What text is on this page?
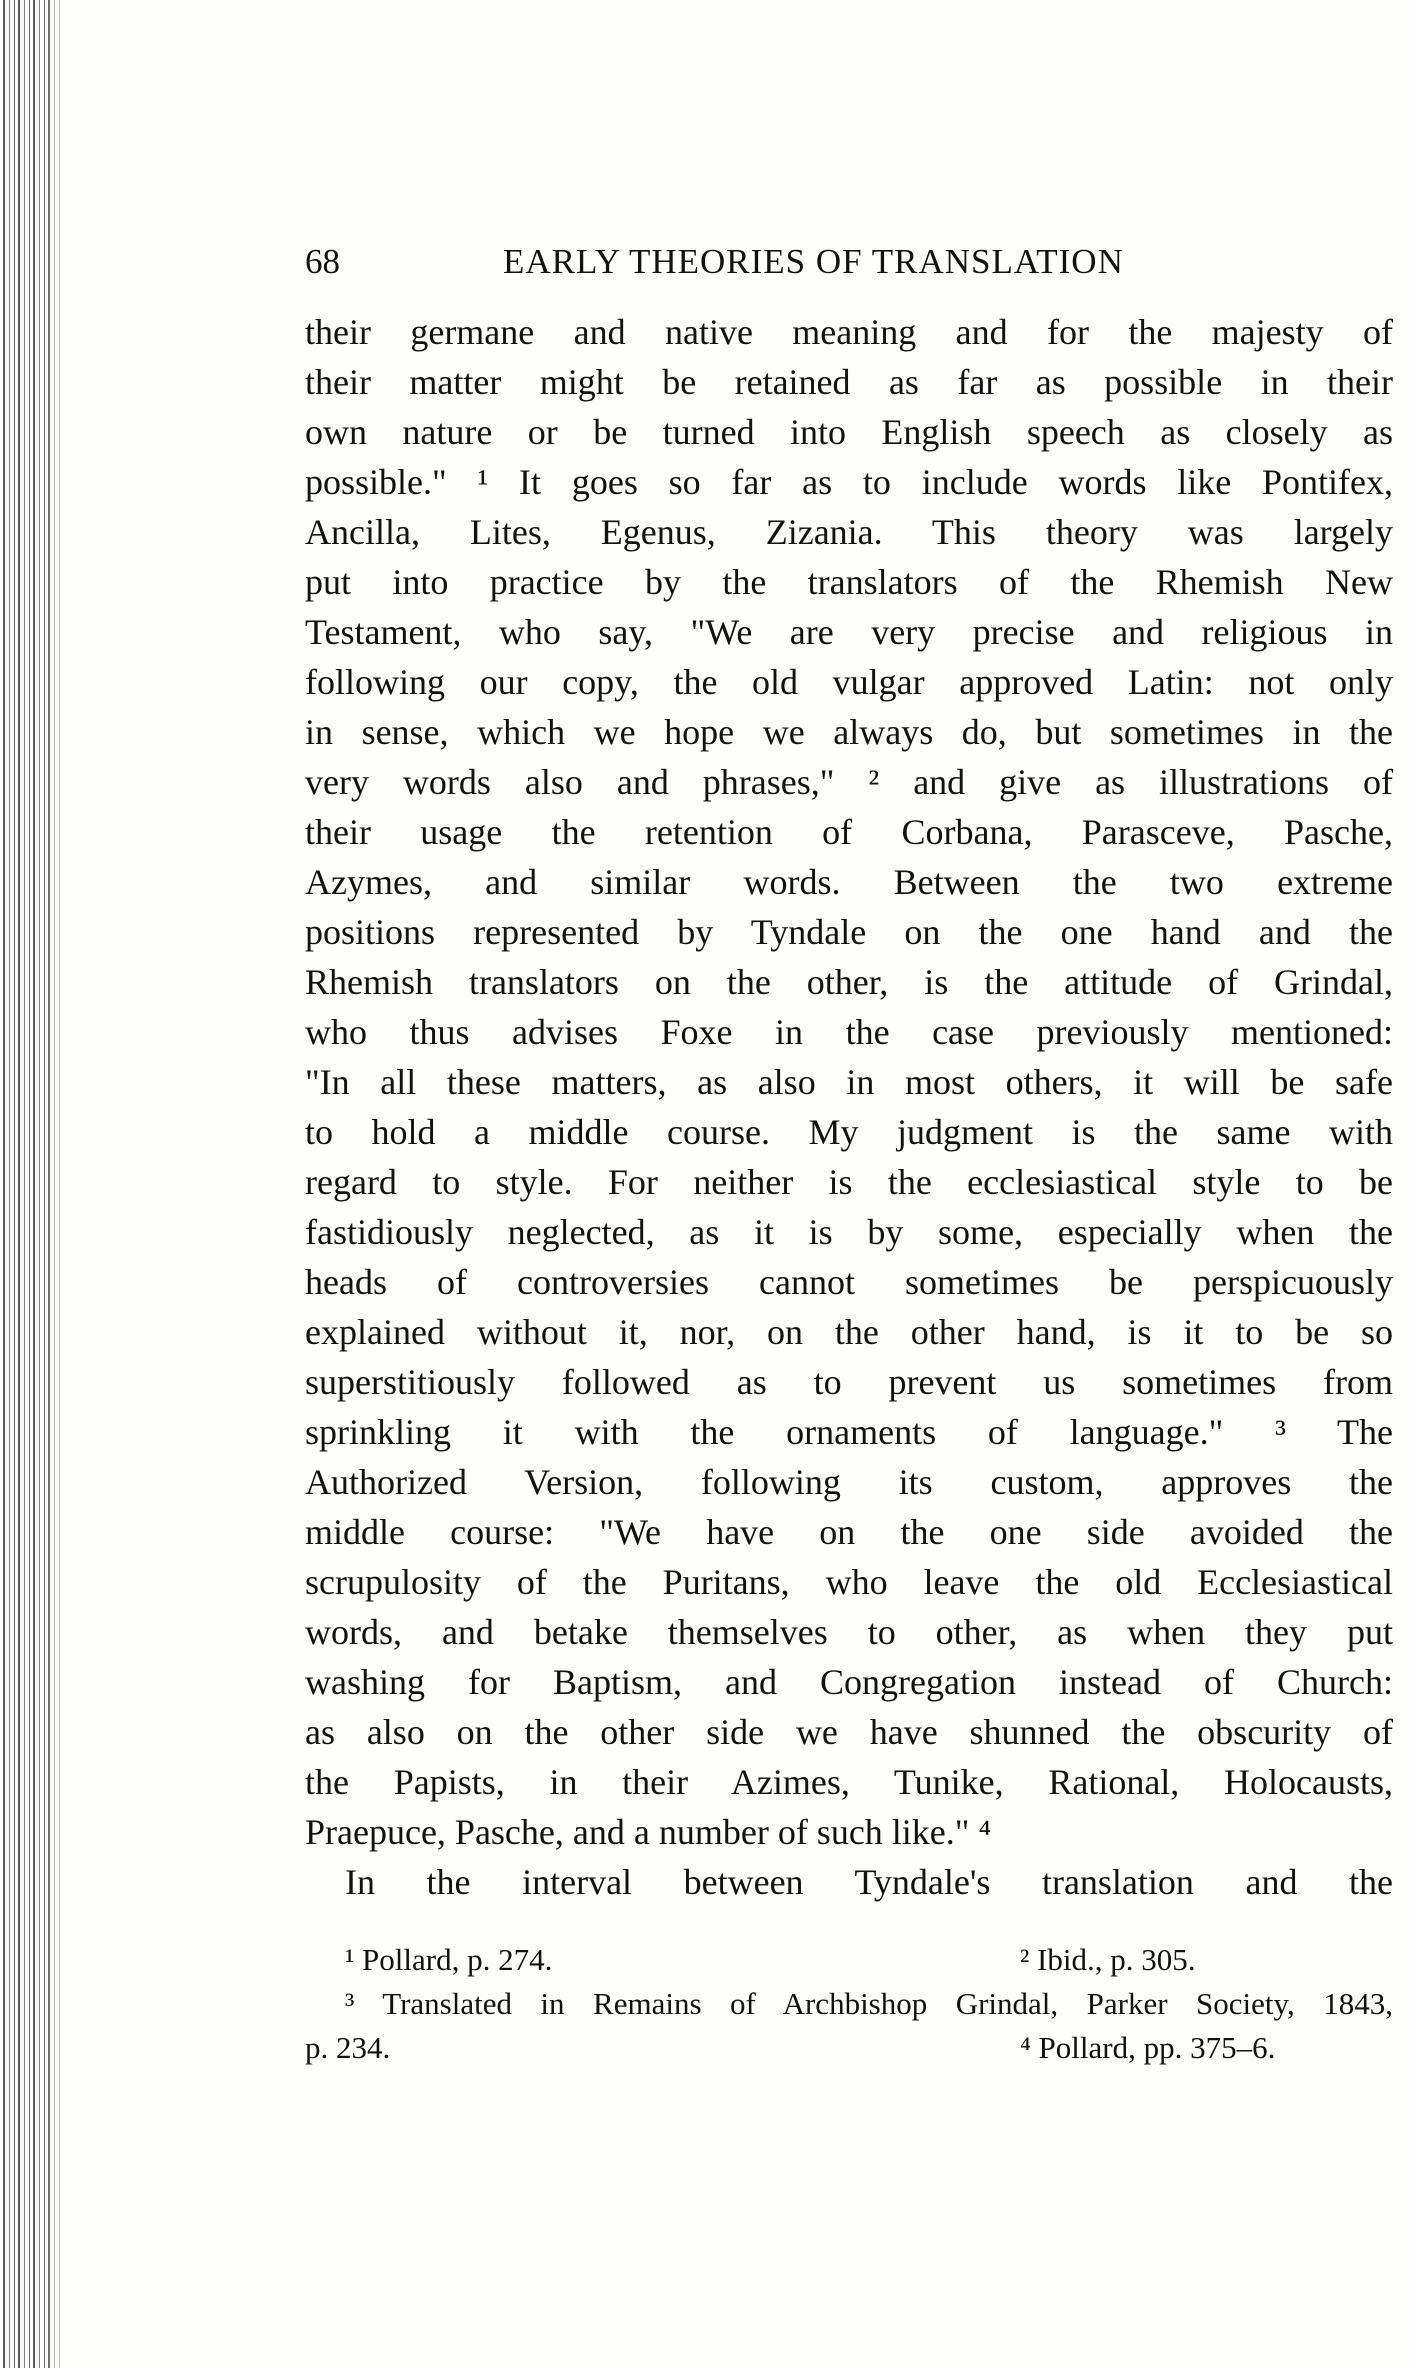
68	EARLY THEORIES OF TRANSLATION
their germane and native meaning and for the majesty of
their matter might be retained as far as possible in their
own nature or be turned into English speech as closely as
possible." ¹ It goes so far as to include words like Pontifex,
Ancilla, Lites, Egenus, Zizania. This theory was largely
put into practice by the translators of the Rhemish New
Testament, who say, "We are very precise and religious in
following our copy, the old vulgar approved Latin: not only
in sense, which we hope we always do, but sometimes in the
very words also and phrases," ² and give as illustrations of
their usage the retention of Corbana, Parasceve, Pasche,
Azymes, and similar words. Between the two extreme
positions represented by Tyndale on the one hand and the
Rhemish translators on the other, is the attitude of Grindal,
who thus advises Foxe in the case previously mentioned:
"In all these matters, as also in most others, it will be safe
to hold a middle course. My judgment is the same with
regard to style. For neither is the ecclesiastical style to be
fastidiously neglected, as it is by some, especially when the
heads of controversies cannot sometimes be perspicuously
explained without it, nor, on the other hand, is it to be so
superstitiously followed as to prevent us sometimes from
sprinkling it with the ornaments of language." ³ The
Authorized Version, following its custom, approves the
middle course: "We have on the one side avoided the
scrupulosity of the Puritans, who leave the old Ecclesiastical
words, and betake themselves to other, as when they put
washing for Baptism, and Congregation instead of Church:
as also on the other side we have shunned the obscurity of
the Papists, in their Azimes, Tunike, Rational, Holocausts,
Praepuce, Pasche, and a number of such like." ⁴
In the interval between Tyndale's translation and the
¹ Pollard, p. 274.	² Ibid., p. 305.
³ Translated in Remains of Archbishop Grindal, Parker Society, 1843,
p. 234.	⁴ Pollard, pp. 375–6.
